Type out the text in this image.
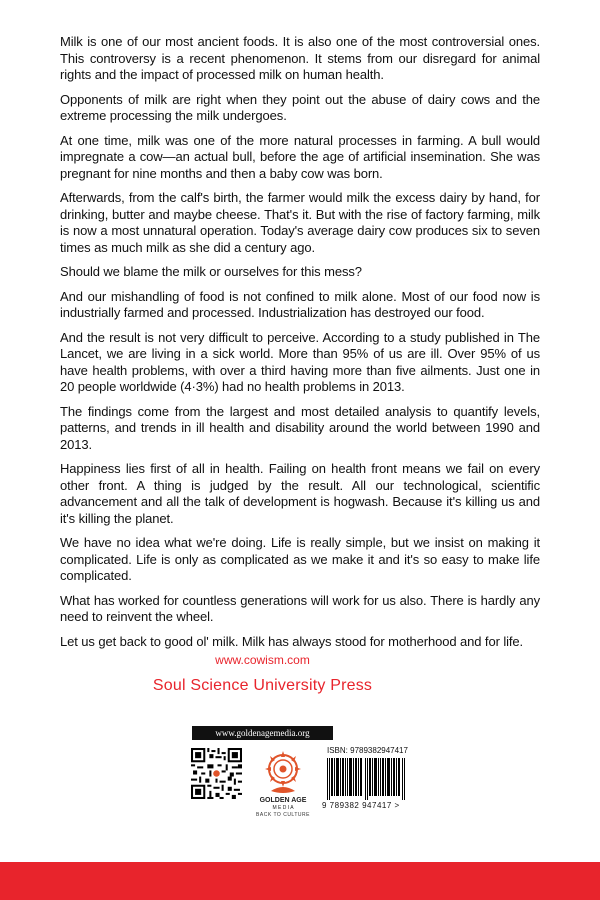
Milk is one of our most ancient foods. It is also one of the most controversial ones. This controversy is a recent phenomenon. It stems from our disregard for animal rights and the impact of processed milk on human health.

Opponents of milk are right when they point out the abuse of dairy cows and the extreme processing the milk undergoes.

At one time, milk was one of the more natural processes in farming. A bull would impregnate a cow—an actual bull, before the age of artificial insemination. She was pregnant for nine months and then a baby cow was born.

Afterwards, from the calf's birth, the farmer would milk the excess dairy by hand, for drinking, butter and maybe cheese. That's it. But with the rise of factory farming, milk is now a most unnatural operation. Today's average dairy cow produces six to seven times as much milk as she did a century ago.

Should we blame the milk or ourselves for this mess?

And our mishandling of food is not confined to milk alone. Most of our food now is industrially farmed and processed. Industrialization has destroyed our food.

And the result is not very difficult to perceive. According to a study published in The Lancet, we are living in a sick world. More than 95% of us are ill. Over 95% of us have health problems, with over a third having more than five ailments. Just one in 20 people worldwide (4·3%) had no health problems in 2013.

The findings come from the largest and most detailed analysis to quantify levels, patterns, and trends in ill health and disability around the world between 1990 and 2013.

Happiness lies first of all in health. Failing on health front means we fail on every other front. A thing is judged by the result. All our technological, scientific advancement and all the talk of development is hogwash. Because it's killing us and it's killing the planet.

We have no idea what we're doing. Life is really simple, but we insist on making it complicated. Life is only as complicated as we make it and it's so easy to make life complicated.

What has worked for countless generations will work for us also. There is hardly any need to reinvent the wheel.

Let us get back to good ol' milk. Milk has always stood for motherhood and for life.

www.cowism.com
Soul Science University Press
www.goldenagemedia.org
GOLDEN AGE
M E D I A
BACK TO CULTURE
ISBN: 9789382947417
9 789382 947417 >
